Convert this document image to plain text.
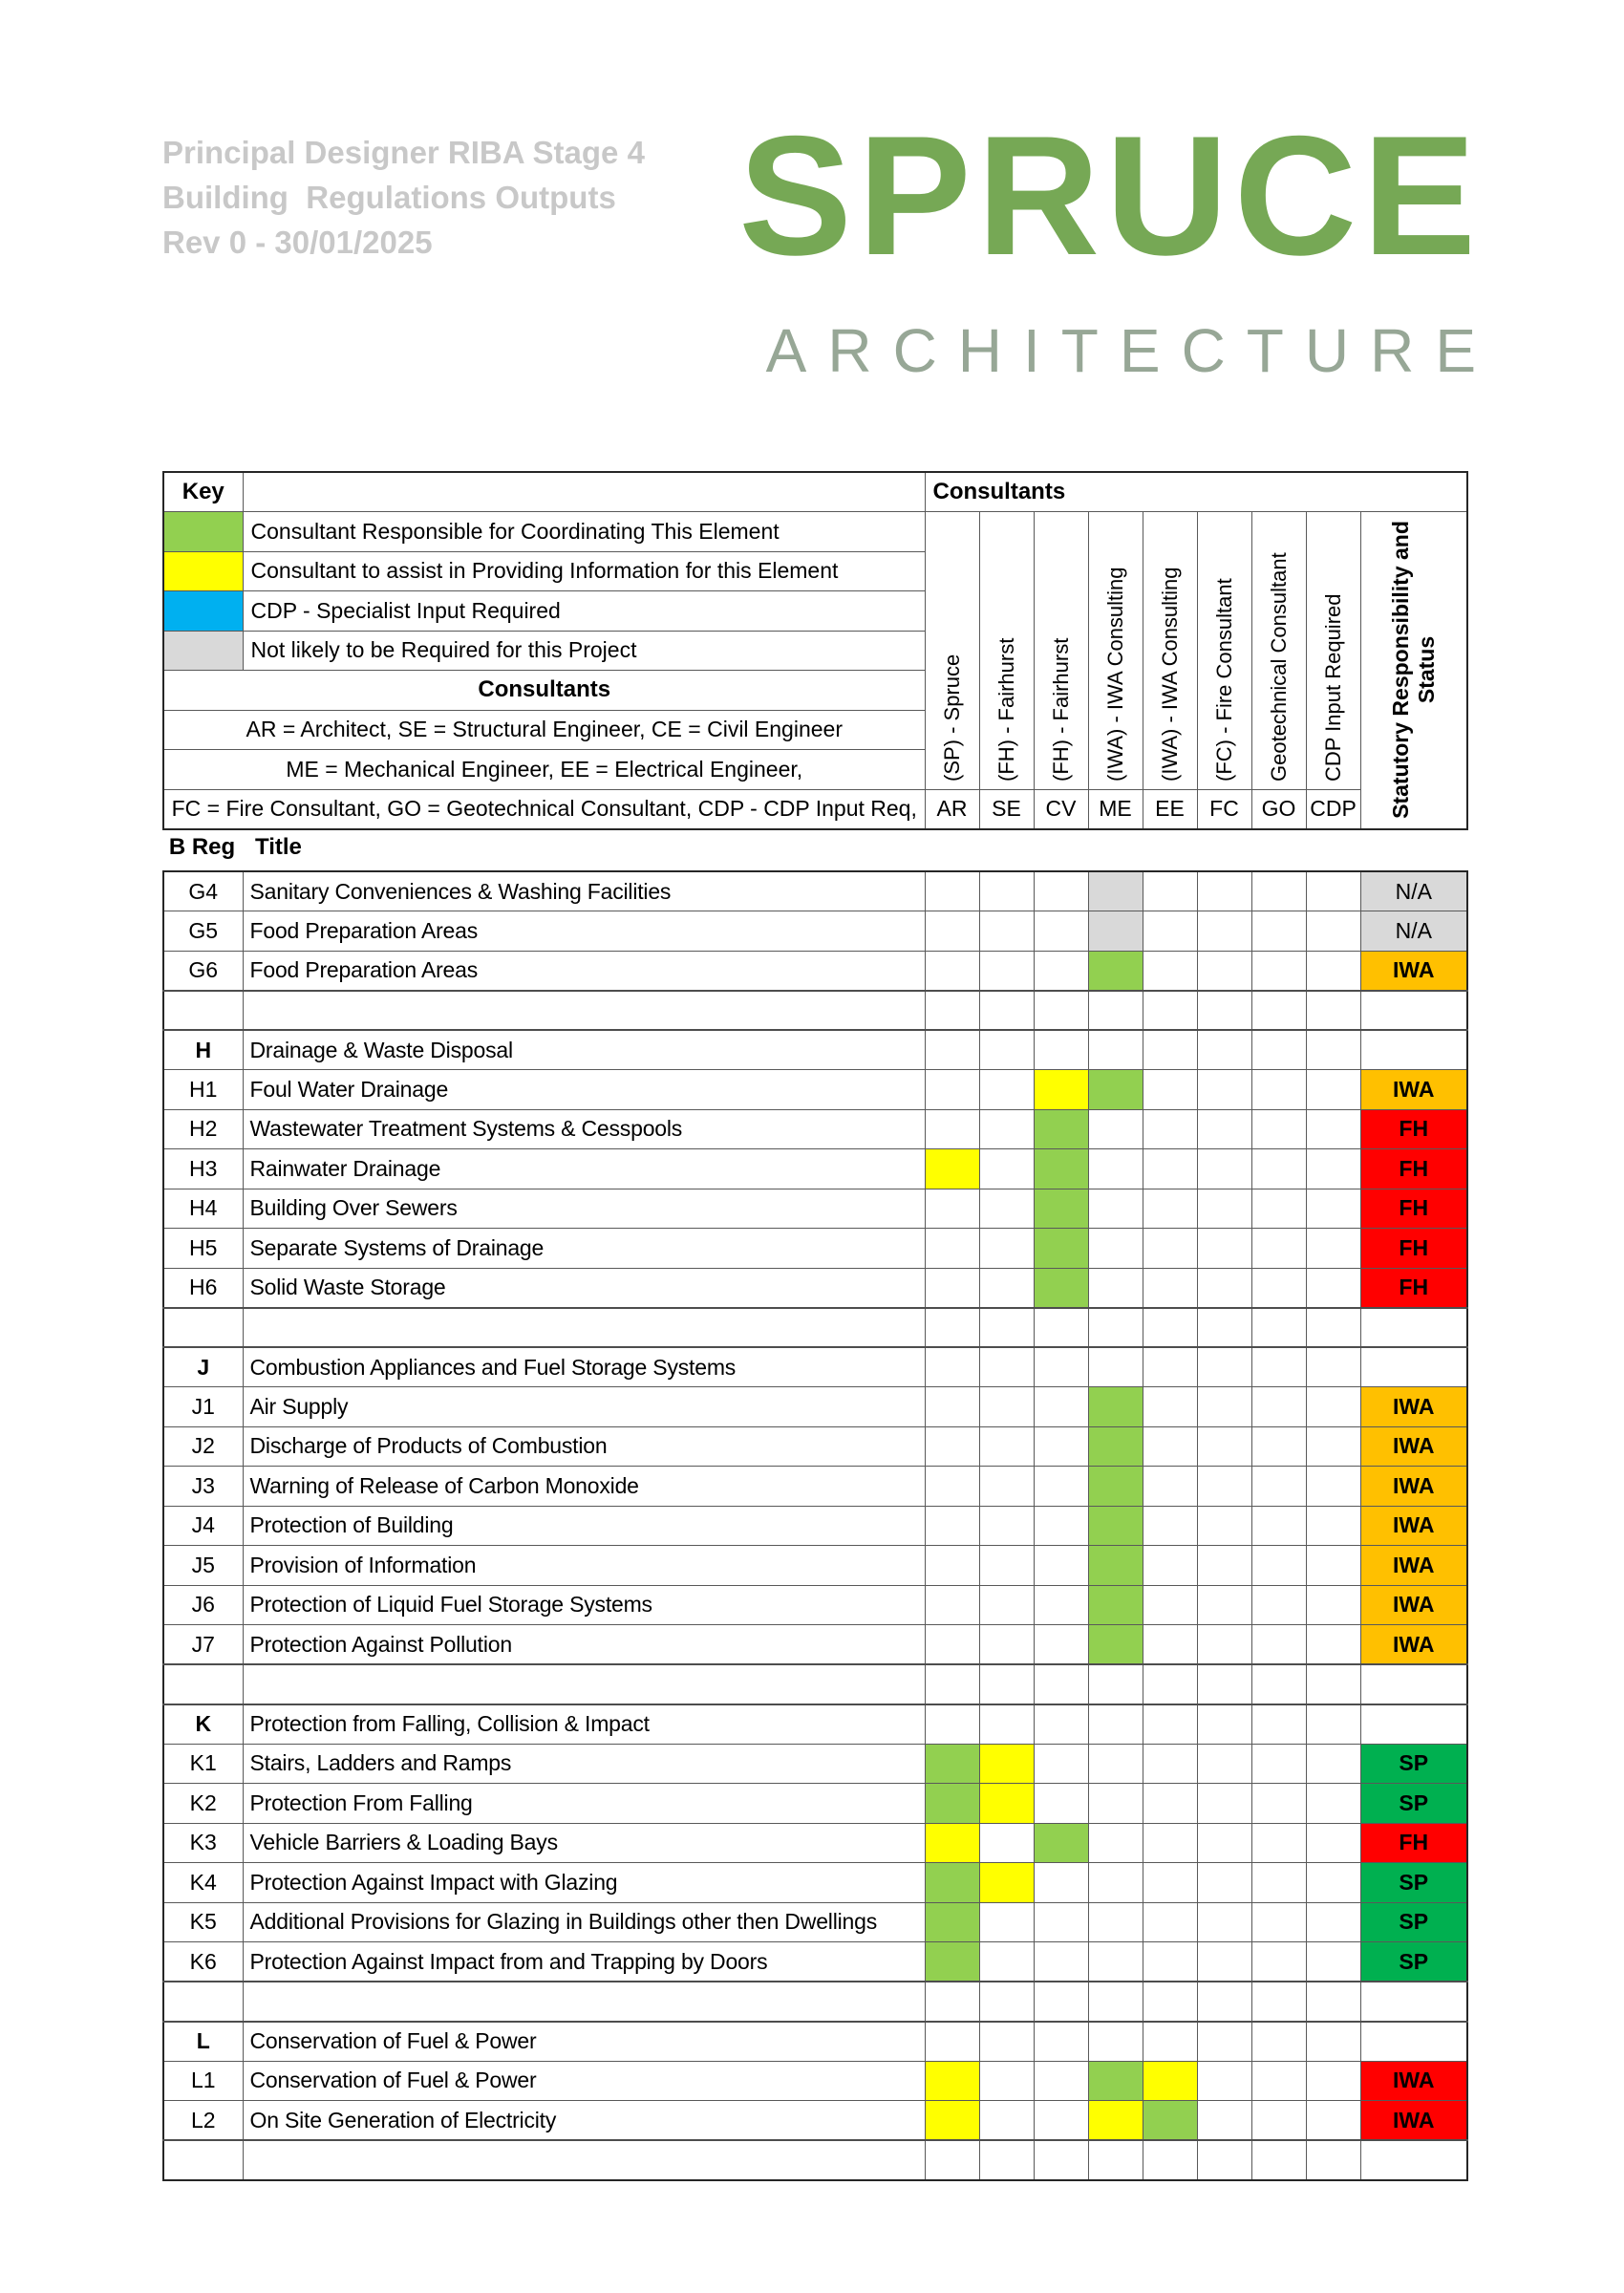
Principal Designer RIBA Stage 4
Building  Regulations Outputs
Rev 0 - 30/01/2025	SPRUCE
ARCHITECTURE
Key		Consultants								
	Consultant Responsible for Coordinating This Element	(SP) - Spruce	(FH) - Fairhurst	(FH) - Fairhurst	(IWA) - IWA Consulting	(IWA) - IWA Consulting	(FC) - Fire Consultant	Geotechnical Consultant	CDP Input Required	Statutory Responsibility and Status

	Consultant to assist in Providing Information for this Element									
	CDP - Specialist Input Required									
	Not likely to be Required for this Project									
Consultants										
AR = Architect, SE = Structural Engineer, CE = Civil Engineer										
ME = Mechanical Engineer, EE = Electrical Engineer,										
FC = Fire Consultant, GO = Geotechnical Consultant, CDP - CDP Input Req,		AR	SE	CV	ME	EE	FC	GO	CDP	
B Reg Title
G4	Sanitary Conveniences & Washing Facilities									N/A
G5	Food Preparation Areas									N/A
G6	Food Preparation Areas									IWA

H	Drainage & Waste Disposal									
H1	Foul Water Drainage									IWA
H2	Wastewater Treatment Systems & Cesspools									FH
H3	Rainwater Drainage									FH
H4	Building Over Sewers									FH
H5	Separate Systems of Drainage									FH
H6	Solid Waste Storage									FH

J	Combustion Appliances and Fuel Storage Systems									
J1	Air Supply									IWA
J2	Discharge of Products of Combustion									IWA
J3	Warning of Release of Carbon Monoxide									IWA
J4	Protection of Building									IWA
J5	Provision of Information									IWA
J6	Protection of Liquid Fuel Storage Systems									IWA
J7	Protection Against Pollution									IWA

K	Protection from Falling, Collision & Impact									
K1	Stairs, Ladders and Ramps									SP
K2	Protection From Falling									SP
K3	Vehicle Barriers & Loading Bays									FH
K4	Protection Against Impact with Glazing									SP
K5	Additional Provisions for Glazing in Buildings other then Dwellings									SP
K6	Protection Against Impact from and Trapping by Doors									SP

L	Conservation of Fuel & Power									
L1	Conservation of Fuel & Power									IWA
L2	On Site Generation of Electricity									IWA
